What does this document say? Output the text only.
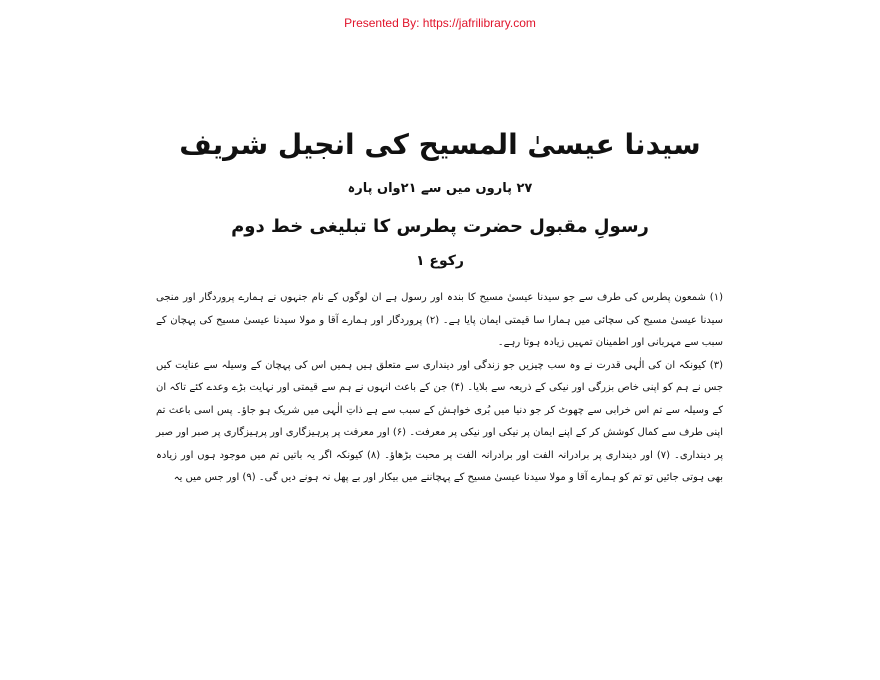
Presented By: https://jafrilibrary.com
سیدنا عیسیٰ المسیح کی انجیل شریف
۲۷ پاروں میں سے ۲۱واں پارہ
رسولِ مقبول حضرت پطرس کا تبلیغی خط دوم
رکوع ۱

(۱) شمعون پطرس کی طرف سے جو سیدنا عیسیٰ مسیح کا بندہ اور رسول ہے ان لوگوں کے نام جنہوں نے ہمارے پروردگار اور منجی سیدنا عیسیٰ مسیح کی سچائی میں ہمارا سا قیمتی ایمان پایا ہے۔ (۲) پروردگار اور ہمارے آقا و مولا سیدنا عیسیٰ مسیح کی پہچان کے سبب سے مہربانی اور اطمینان تمہیں زیادہ ہوتا رہے۔

(۳) کیونکہ ان کی الٰہی قدرت نے وہ سب چیزیں جو زندگی اور دینداری سے متعلق ہیں ہمیں اس کی پہچان کے وسیلہ سے عنایت کیں جس نے ہم کو اپنی خاص بزرگی اور نیکی کے ذریعہ سے بلایا۔ (۴) جن کے باعث انہوں نے ہم سے قیمتی اور نہایت بڑے وعدے کئے تاکہ ان کے وسیلہ سے تم اس خرابی سے چھوٹ کر جو دنیا میں بُری خواہش کے سبب سے ہے ذاتِ الٰہی میں شریک ہو جاؤ۔ پس اسی باعث تم اپنی طرف سے کمال کوشش کر کے اپنے ایمان پر نیکی اور نیکی پر معرفت۔ (۶) اور معرفت پر پرہیزگاری اور پرہیزگاری پر صبر اور صبر پر دینداری۔ (۷) اور دینداری پر برادرانہ الفت اور برادرانہ الفت پر محبت بڑھاؤ۔ (۸) کیونکہ اگر یہ باتیں تم میں موجود ہوں اور زیادہ بھی ہوتی جائیں تو تم کو ہمارے آقا و مولا سیدنا عیسیٰ مسیح کے پہچاننے میں بیکار اور بے پھل نہ ہونے دیں گی۔ (۹) اور جس میں یہ
